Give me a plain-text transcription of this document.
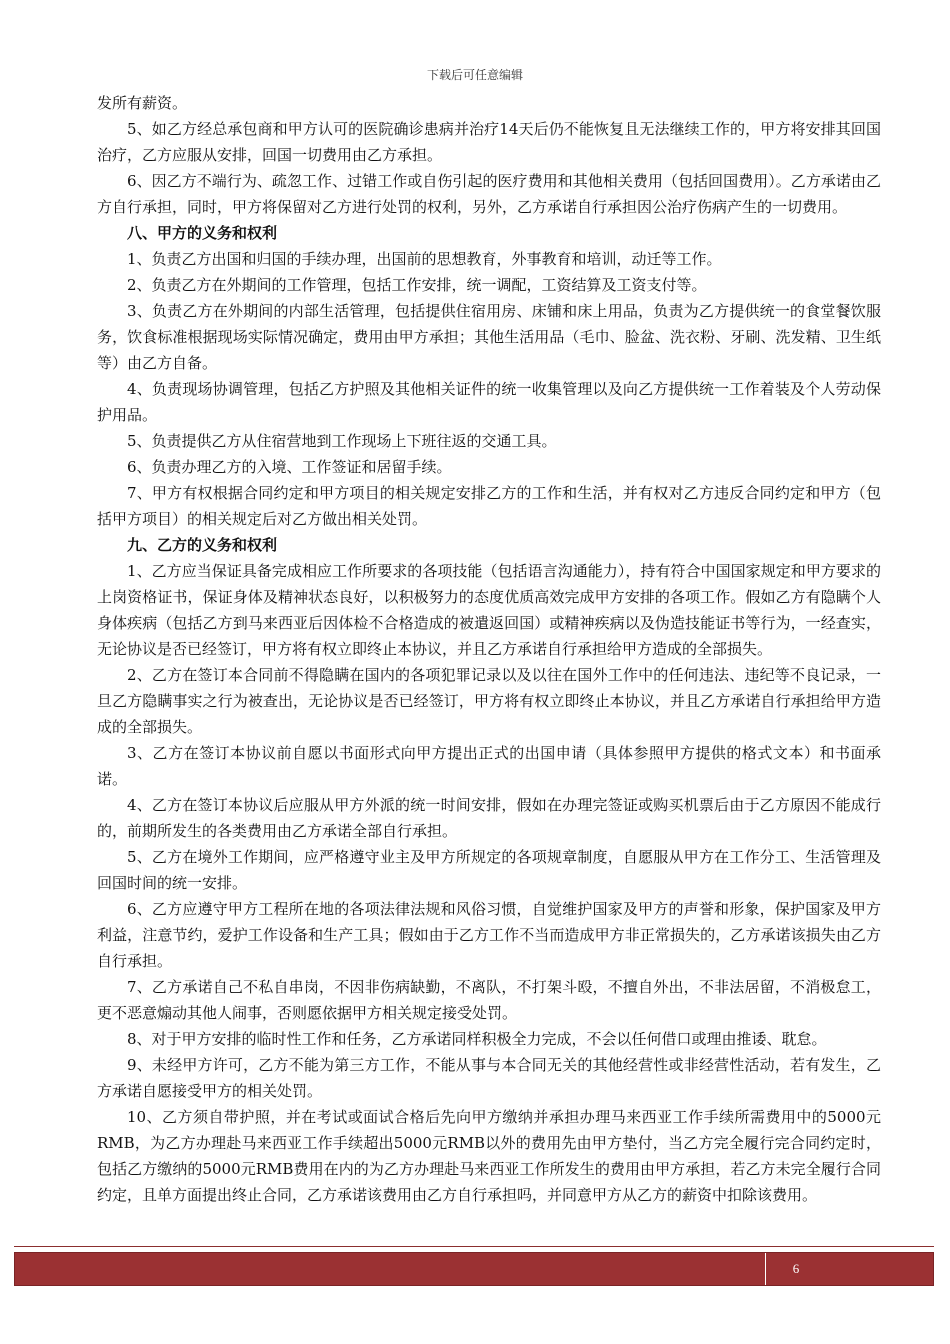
下载后可任意编辑

发所有薪资。

5、如乙方经总承包商和甲方认可的医院确诊患病并治疗14天后仍不能恢复且无法继续工作的，甲方将安排其回国治疗，乙方应服从安排，回国一切费用由乙方承担。

6、因乙方不端行为、疏忽工作、过错工作或自伤引起的医疗费用和其他相关费用（包括回国费用）。乙方承诺由乙方自行承担，同时，甲方将保留对乙方进行处罚的权利，另外，乙方承诺自行承担因公治疗伤病产生的一切费用。

八、甲方的义务和权利

1、负责乙方出国和归国的手续办理，出国前的思想教育，外事教育和培训，动迁等工作。

2、负责乙方在外期间的工作管理，包括工作安排，统一调配，工资结算及工资支付等。

3、负责乙方在外期间的内部生活管理，包括提供住宿用房、床铺和床上用品，负责为乙方提供统一的食堂餐饮服务，饮食标准根据现场实际情况确定，费用由甲方承担；其他生活用品（毛巾、脸盆、洗衣粉、牙刷、洗发精、卫生纸等）由乙方自备。

4、负责现场协调管理，包括乙方护照及其他相关证件的统一收集管理以及向乙方提供统一工作着装及个人劳动保护用品。

5、负责提供乙方从住宿营地到工作现场上下班往返的交通工具。

6、负责办理乙方的入境、工作签证和居留手续。

7、甲方有权根据合同约定和甲方项目的相关规定安排乙方的工作和生活，并有权对乙方违反合同约定和甲方（包括甲方项目）的相关规定后对乙方做出相关处罚。

九、乙方的义务和权利

1、乙方应当保证具备完成相应工作所要求的各项技能（包括语言沟通能力），持有符合中国国家规定和甲方要求的上岗资格证书，保证身体及精神状态良好，以积极努力的态度优质高效完成甲方安排的各项工作。假如乙方有隐瞒个人身体疾病（包括乙方到马来西亚后因体检不合格造成的被遣返回国）或精神疾病以及伪造技能证书等行为，一经查实，无论协议是否已经签订，甲方将有权立即终止本协议，并且乙方承诺自行承担给甲方造成的全部损失。

2、乙方在签订本合同前不得隐瞒在国内的各项犯罪记录以及以往在国外工作中的任何违法、违纪等不良记录，一旦乙方隐瞒事实之行为被查出，无论协议是否已经签订，甲方将有权立即终止本协议，并且乙方承诺自行承担给甲方造成的全部损失。

3、乙方在签订本协议前自愿以书面形式向甲方提出正式的出国申请（具体参照甲方提供的格式文本）和书面承诺。

4、乙方在签订本协议后应服从甲方外派的统一时间安排，假如在办理完签证或购买机票后由于乙方原因不能成行的，前期所发生的各类费用由乙方承诺全部自行承担。

5、乙方在境外工作期间，应严格遵守业主及甲方所规定的各项规章制度，自愿服从甲方在工作分工、生活管理及回国时间的统一安排。

6、乙方应遵守甲方工程所在地的各项法律法规和风俗习惯，自觉维护国家及甲方的声誉和形象，保护国家及甲方利益，注意节约，爱护工作设备和生产工具；假如由于乙方工作不当而造成甲方非正常损失的，乙方承诺该损失由乙方自行承担。

7、乙方承诺自己不私自串岗，不因非伤病缺勤，不离队，不打架斗殴，不擅自外出，不非法居留，不消极怠工，更不恶意煽动其他人闹事，否则愿依据甲方相关规定接受处罚。

8、对于甲方安排的临时性工作和任务，乙方承诺同样积极全力完成，不会以任何借口或理由推诿、耽怠。

9、未经甲方许可，乙方不能为第三方工作，不能从事与本合同无关的其他经营性或非经营性活动，若有发生，乙方承诺自愿接受甲方的相关处罚。

10、乙方须自带护照，并在考试或面试合格后先向甲方缴纳并承担办理马来西亚工作手续所需费用中的5000元RMB，为乙方办理赴马来西亚工作手续超出5000元RMB以外的费用先由甲方垫付，当乙方完全履行完合同约定时，包括乙方缴纳的5000元RMB费用在内的为乙方办理赴马来西亚工作所发生的费用由甲方承担，若乙方未完全履行合同约定，且单方面提出终止合同，乙方承诺该费用由乙方自行承担吗，并同意甲方从乙方的薪资中扣除该费用。

6
